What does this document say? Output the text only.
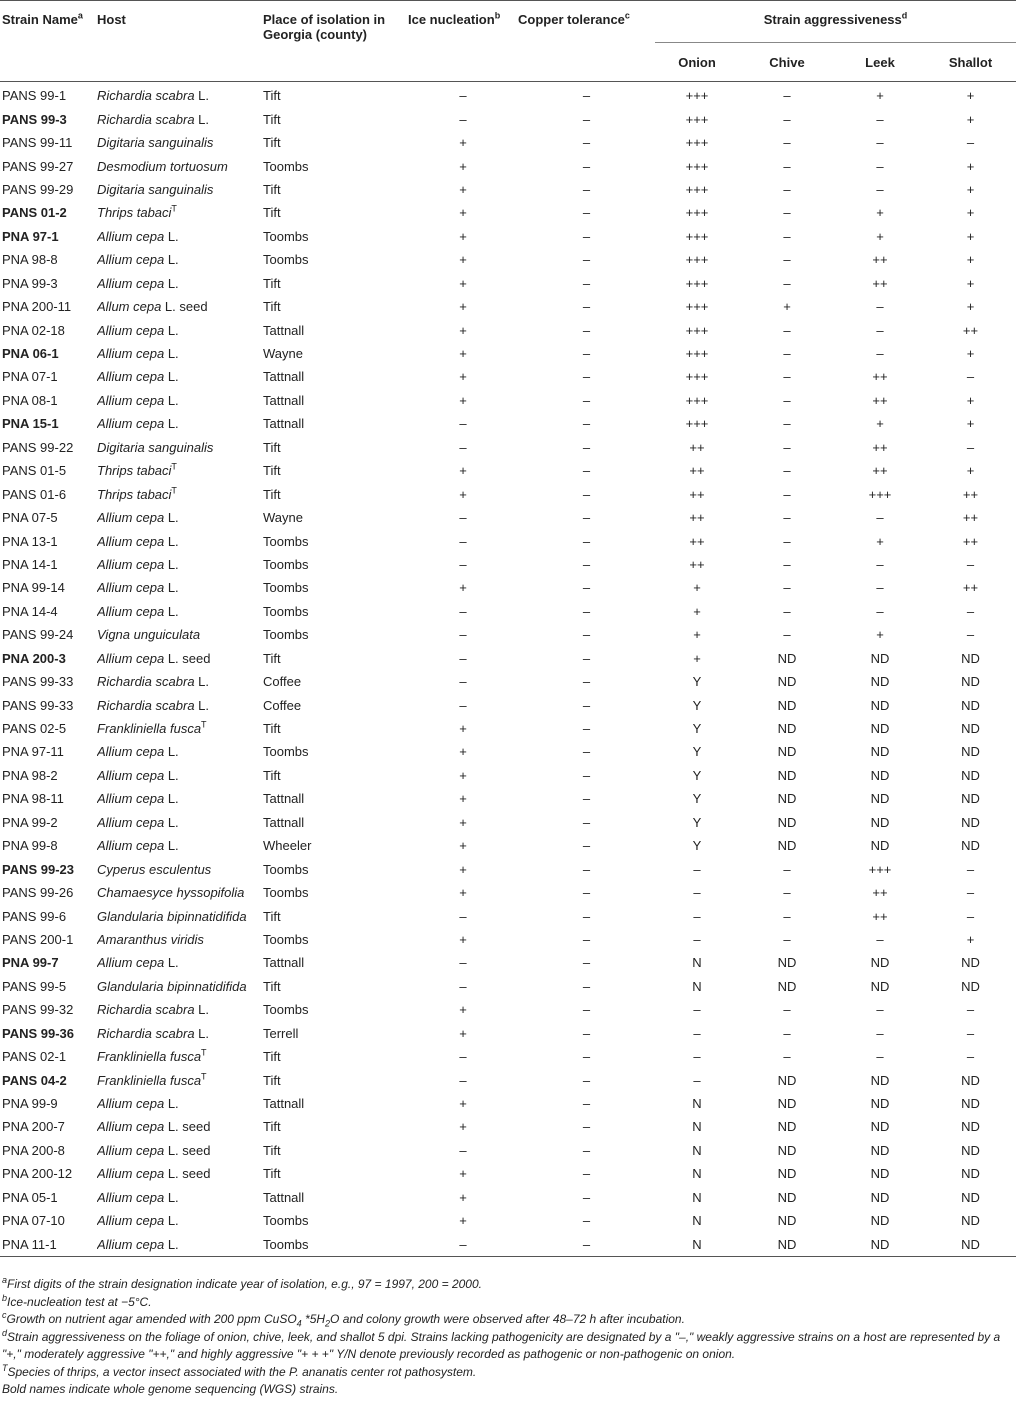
Strain Name$^a$	Host	Place of isolation in
Georgia (county)	Ice nucleation$^b$	Copper tolerance$^c$	Strain aggressiveness$^d$
					Onion	Chive	Leek	Shallot

PANS 99-1	Richardia scabra L.	Tift	–	–	+++	–	+	+
PANS 99-3	Richardia scabra L.	Tift	–	–	+++	–	–	+
PANS 99-11	Digitaria sanguinalis	Tift	+	–	+++	–	–	–
PANS 99-27	Desmodium tortuosum	Toombs	+	–	+++	–	–	+
PANS 99-29	Digitaria sanguinalis	Tift	+	–	+++	–	–	+
PANS 01-2	Thrips tabaci$^T$	Tift	+	–	+++	–	+	+
PNA 97-1	Allium cepa L.	Toombs	+	–	+++	–	+	+
PNA 98-8	Allium cepa L.	Toombs	+	–	+++	–	++	+
PNA 99-3	Allium cepa L.	Tift	+	–	+++	–	++	+
PNA 200-11	Allum cepa L. seed	Tift	+	–	+++	+	–	+
PNA 02-18	Allium cepa L.	Tattnall	+	–	+++	–	–	++
PNA 06-1	Allium cepa L.	Wayne	+	–	+++	–	–	+
PNA 07-1	Allium cepa L.	Tattnall	+	–	+++	–	++	–
PNA 08-1	Allium cepa L.	Tattnall	+	–	+++	–	++	+
PNA 15-1	Allium cepa L.	Tattnall	–	–	+++	–	+	+
PANS 99-22	Digitaria sanguinalis	Tift	–	–	++	–	++	–
PANS 01-5	Thrips tabaci$^T$	Tift	+	–	++	–	++	+
PANS 01-6	Thrips tabaci$^T$	Tift	+	–	++	–	+++	++
PNA 07-5	Allium cepa L.	Wayne	–	–	++	–	–	++
PNA 13-1	Allium cepa L.	Toombs	–	–	++	–	+	++
PNA 14-1	Allium cepa L.	Toombs	–	–	++	–	–	–
PNA 99-14	Allium cepa L.	Toombs	+	–	+	–	–	++
PNA 14-4	Allium cepa L.	Toombs	–	–	+	–	–	–
PANS 99-24	Vigna unguiculata	Toombs	–	–	+	–	+	–
PNA 200-3	Allium cepa L. seed	Tift	–	–	+	ND	ND	ND
PANS 99-33	Richardia scabra L.	Coffee	–	–	Y	ND	ND	ND
PANS 99-33	Richardia scabra L.	Coffee	–	–	Y	ND	ND	ND
PANS 02-5	Frankliniella fusca$^T$	Tift	+	–	Y	ND	ND	ND
PNA 97-11	Allium cepa L.	Toombs	+	–	Y	ND	ND	ND
PNA 98-2	Allium cepa L.	Tift	+	–	Y	ND	ND	ND
PNA 98-11	Allium cepa L.	Tattnall	+	–	Y	ND	ND	ND
PNA 99-2	Allium cepa L.	Tattnall	+	–	Y	ND	ND	ND
PNA 99-8	Allium cepa L.	Wheeler	+	–	Y	ND	ND	ND
PANS 99-23	Cyperus esculentus	Toombs	+	–	–	–	+++	–
PANS 99-26	Chamaesyce hyssopifolia	Toombs	+	–	–	–	++	–
PANS 99-6	Glandularia bipinnatidifida	Tift	–	–	–	–	++	–
PANS 200-1	Amaranthus viridis	Toombs	+	–	–	–	–	+
PNA 99-7	Allium cepa L.	Tattnall	–	–	N	ND	ND	ND
PANS 99-5	Glandularia bipinnatidifida	Tift	–	–	N	ND	ND	ND
PANS 99-32	Richardia scabra L.	Toombs	+	–	–	–	–	–
PANS 99-36	Richardia scabra L.	Terrell	+	–	–	–	–	–
PANS 02-1	Frankliniella fusca$^T$	Tift	–	–	–	–	–	–
PANS 04-2	Frankliniella fusca$^T$	Tift	–	–	–	ND	ND	ND
PNA 99-9	Allium cepa L.	Tattnall	+	–	N	ND	ND	ND
PNA 200-7	Allium cepa L. seed	Tift	+	–	N	ND	ND	ND
PNA 200-8	Allium cepa L. seed	Tift	–	–	N	ND	ND	ND
PNA 200-12	Allium cepa L. seed	Tift	+	–	N	ND	ND	ND
PNA 05-1	Allium cepa L.	Tattnall	+	–	N	ND	ND	ND
PNA 07-10	Allium cepa L.	Toombs	+	–	N	ND	ND	ND
PNA 11-1	Allium cepa L.	Toombs	–	–	N	ND	ND	ND
$^a$First digits of the strain designation indicate year of isolation, e.g., 97 = 1997, 200 = 2000.
$^b$Ice-nucleation test at −5°C.
$^c$Growth on nutrient agar amended with 200 ppm CuSO$_4$ $*5H_2O$ and colony growth were observed after 48–72 h after incubation.
$^d$Strain aggressiveness on the foliage of onion, chive, leek, and shallot 5 dpi. Strains lacking pathogenicity are designated by a "–," weakly aggressive strains on a host are represented by a "+," moderately aggressive "++," and highly aggressive "+ + +" Y/N denote previously recorded as pathogenic or non-pathogenic on onion.
$^T$Species of thrips, a vector insect associated with the P. ananatis center rot pathosystem.
Bold names indicate whole genome sequencing (WGS) strains.
